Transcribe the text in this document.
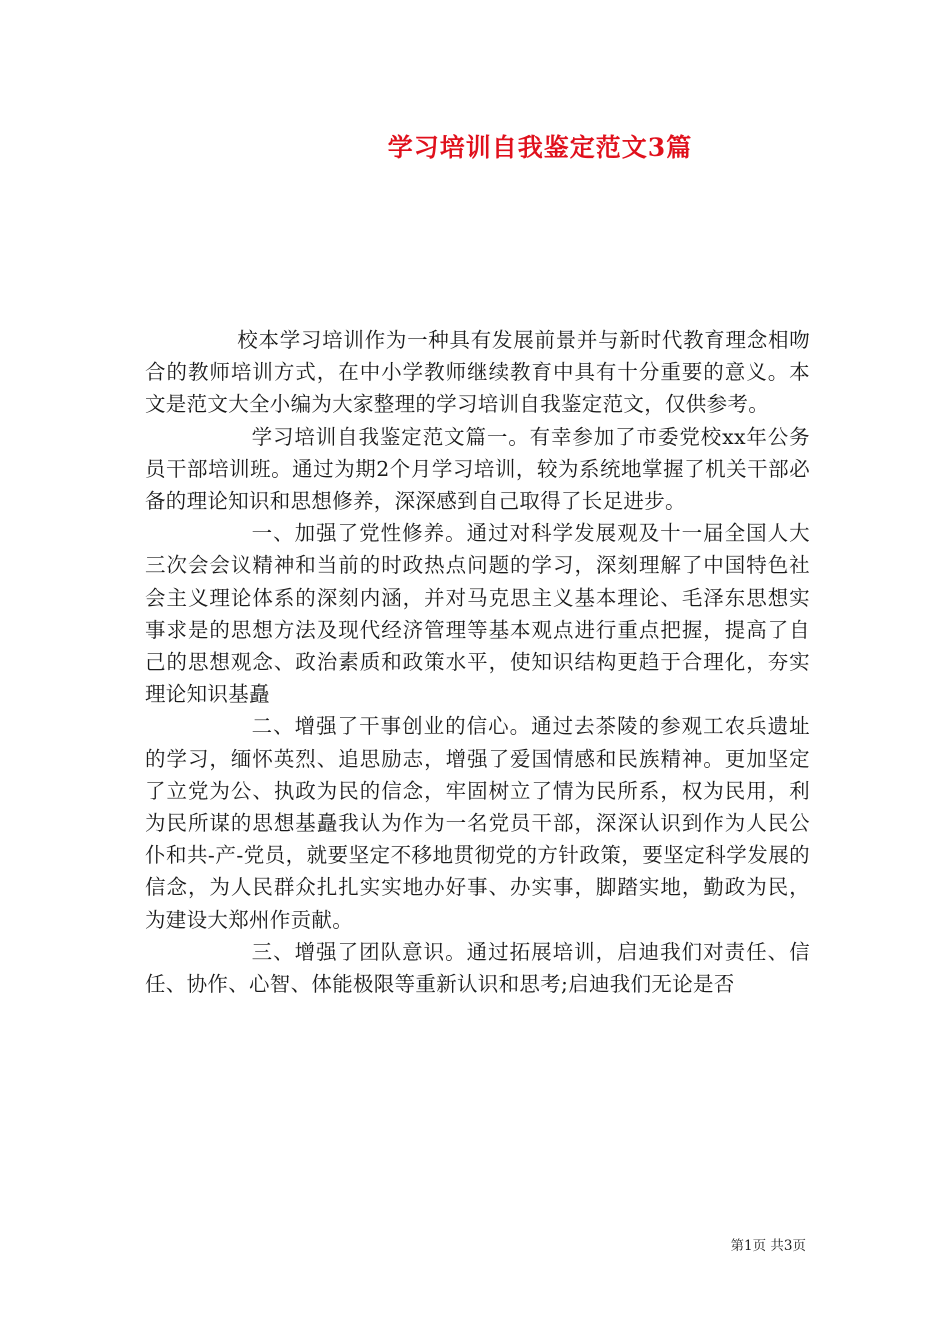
学习培训自我鉴定范文3篇

校本学习培训作为一种具有发展前景并与新时代教育理念相吻合的教师培训方式，在中小学教师继续教育中具有十分重要的意义。本文是范文大全小编为大家整理的学习培训自我鉴定范文，仅供参考。

学习培训自我鉴定范文篇一。有幸参加了市委党校xx年公务员干部培训班。通过为期2个月学习培训，较为系统地掌握了机关干部必备的理论知识和思想修养，深深感到自己取得了长足进步。

一、加强了党性修养。通过对科学发展观及十一届全国人大三次会会议精神和当前的时政热点问题的学习，深刻理解了中国特色社会主义理论体系的深刻内涵，并对马克思主义基本理论、毛泽东思想实事求是的思想方法及现代经济管理等基本观点进行重点把握，提高了自己的思想观念、政治素质和政策水平，使知识结构更趋于合理化，夯实理论知识基矗

二、增强了干事创业的信心。通过去茶陵的参观工农兵遗址的学习，缅怀英烈、追思励志，增强了爱国情感和民族精神。更加坚定了立党为公、执政为民的信念，牢固树立了情为民所系，权为民用，利为民所谋的思想基矗我认为作为一名党员干部，深深认识到作为人民公仆和共-产-党员，就要坚定不移地贯彻党的方针政策，要坚定科学发展的信念，为人民群众扎扎实实地办好事、办实事，脚踏实地，勤政为民，为建设大郑州作贡献。

三、增强了团队意识。通过拓展培训，启迪我们对责任、信任、协作、心智、体能极限等重新认识和思考;启迪我们无论是否

第1页 共3页
